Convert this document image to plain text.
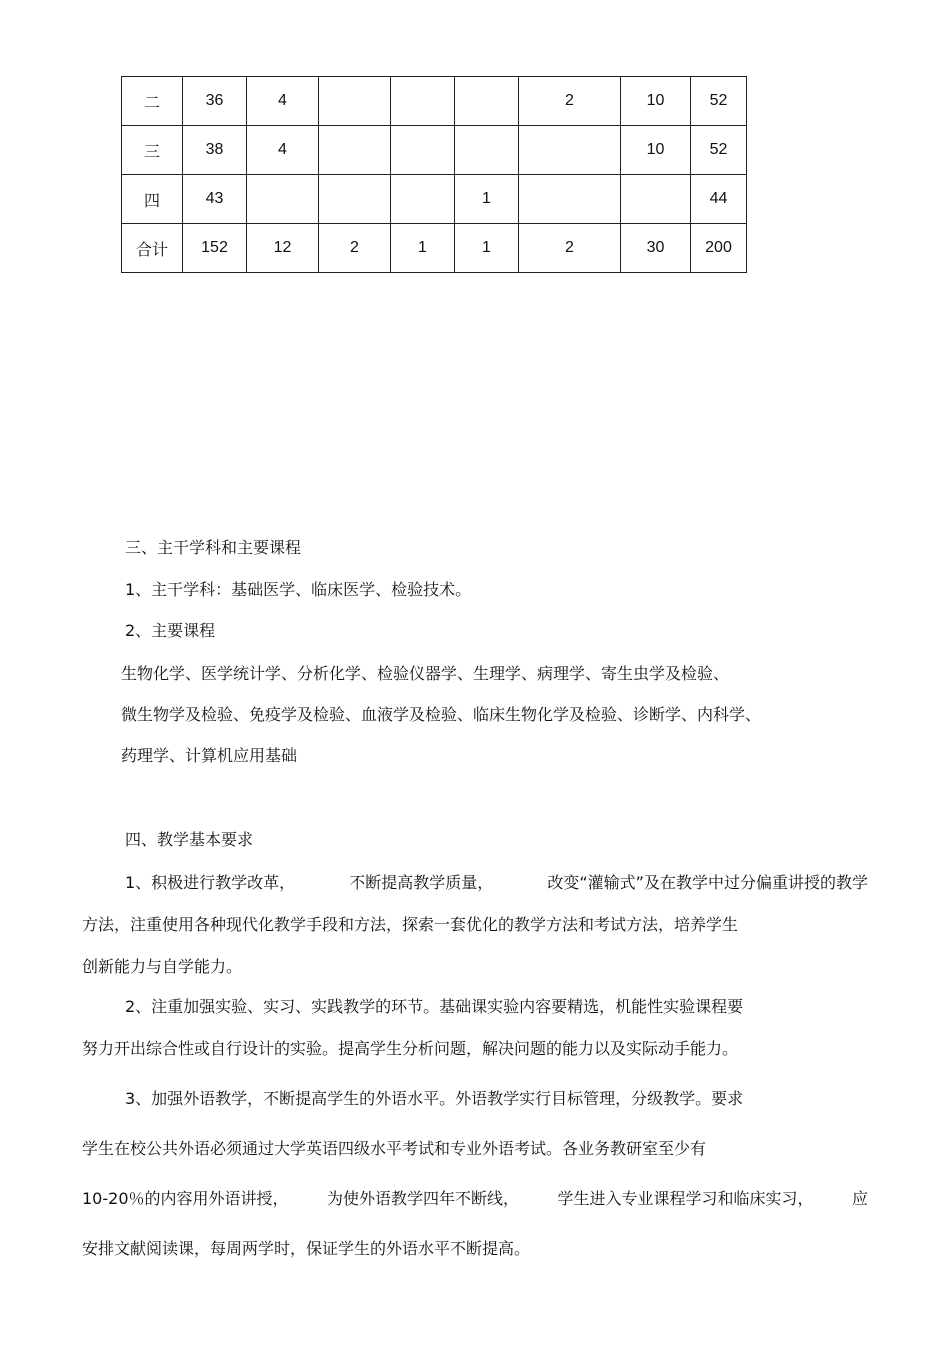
二	36	4				2	10	52
三	38	4					10	52
四	43				1			44
合计	152	12	2	1	1	2	30	200
三、主干学科和主要课程
1、主干学科：基础医学、临床医学、检验技术。
2、主要课程
生物化学、医学统计学、分析化学、检验仪器学、生理学、病理学、寄生虫学及检验、
微生物学及检验、免疫学及检验、血液学及检验、临床生物化学及检验、诊断学、内科学、
药理学、计算机应用基础
四、教学基本要求
1、积极进行教学改革，	不断提高教学质量，	改变“灌输式”及在教学中过分偏重讲授的教学
方法，注重使用各种现代化教学手段和方法，探索一套优化的教学方法和考试方法，培养学生
创新能力与自学能力。
2、注重加强实验、实习、实践教学的环节。基础课实验内容要精选，机能性实验课程要
努力开出综合性或自行设计的实验。提高学生分析问题，解决问题的能力以及实际动手能力。
3、加强外语教学，不断提高学生的外语水平。外语教学实行目标管理，分级教学。要求
学生在校公共外语必须通过大学英语四级水平考试和专业外语考试。各业务教研室至少有
10-20％的内容用外语讲授， 为使外语教学四年不断线， 学生进入专业课程学习和临床实习， 应
安排文献阅读课，每周两学时，保证学生的外语水平不断提高。
